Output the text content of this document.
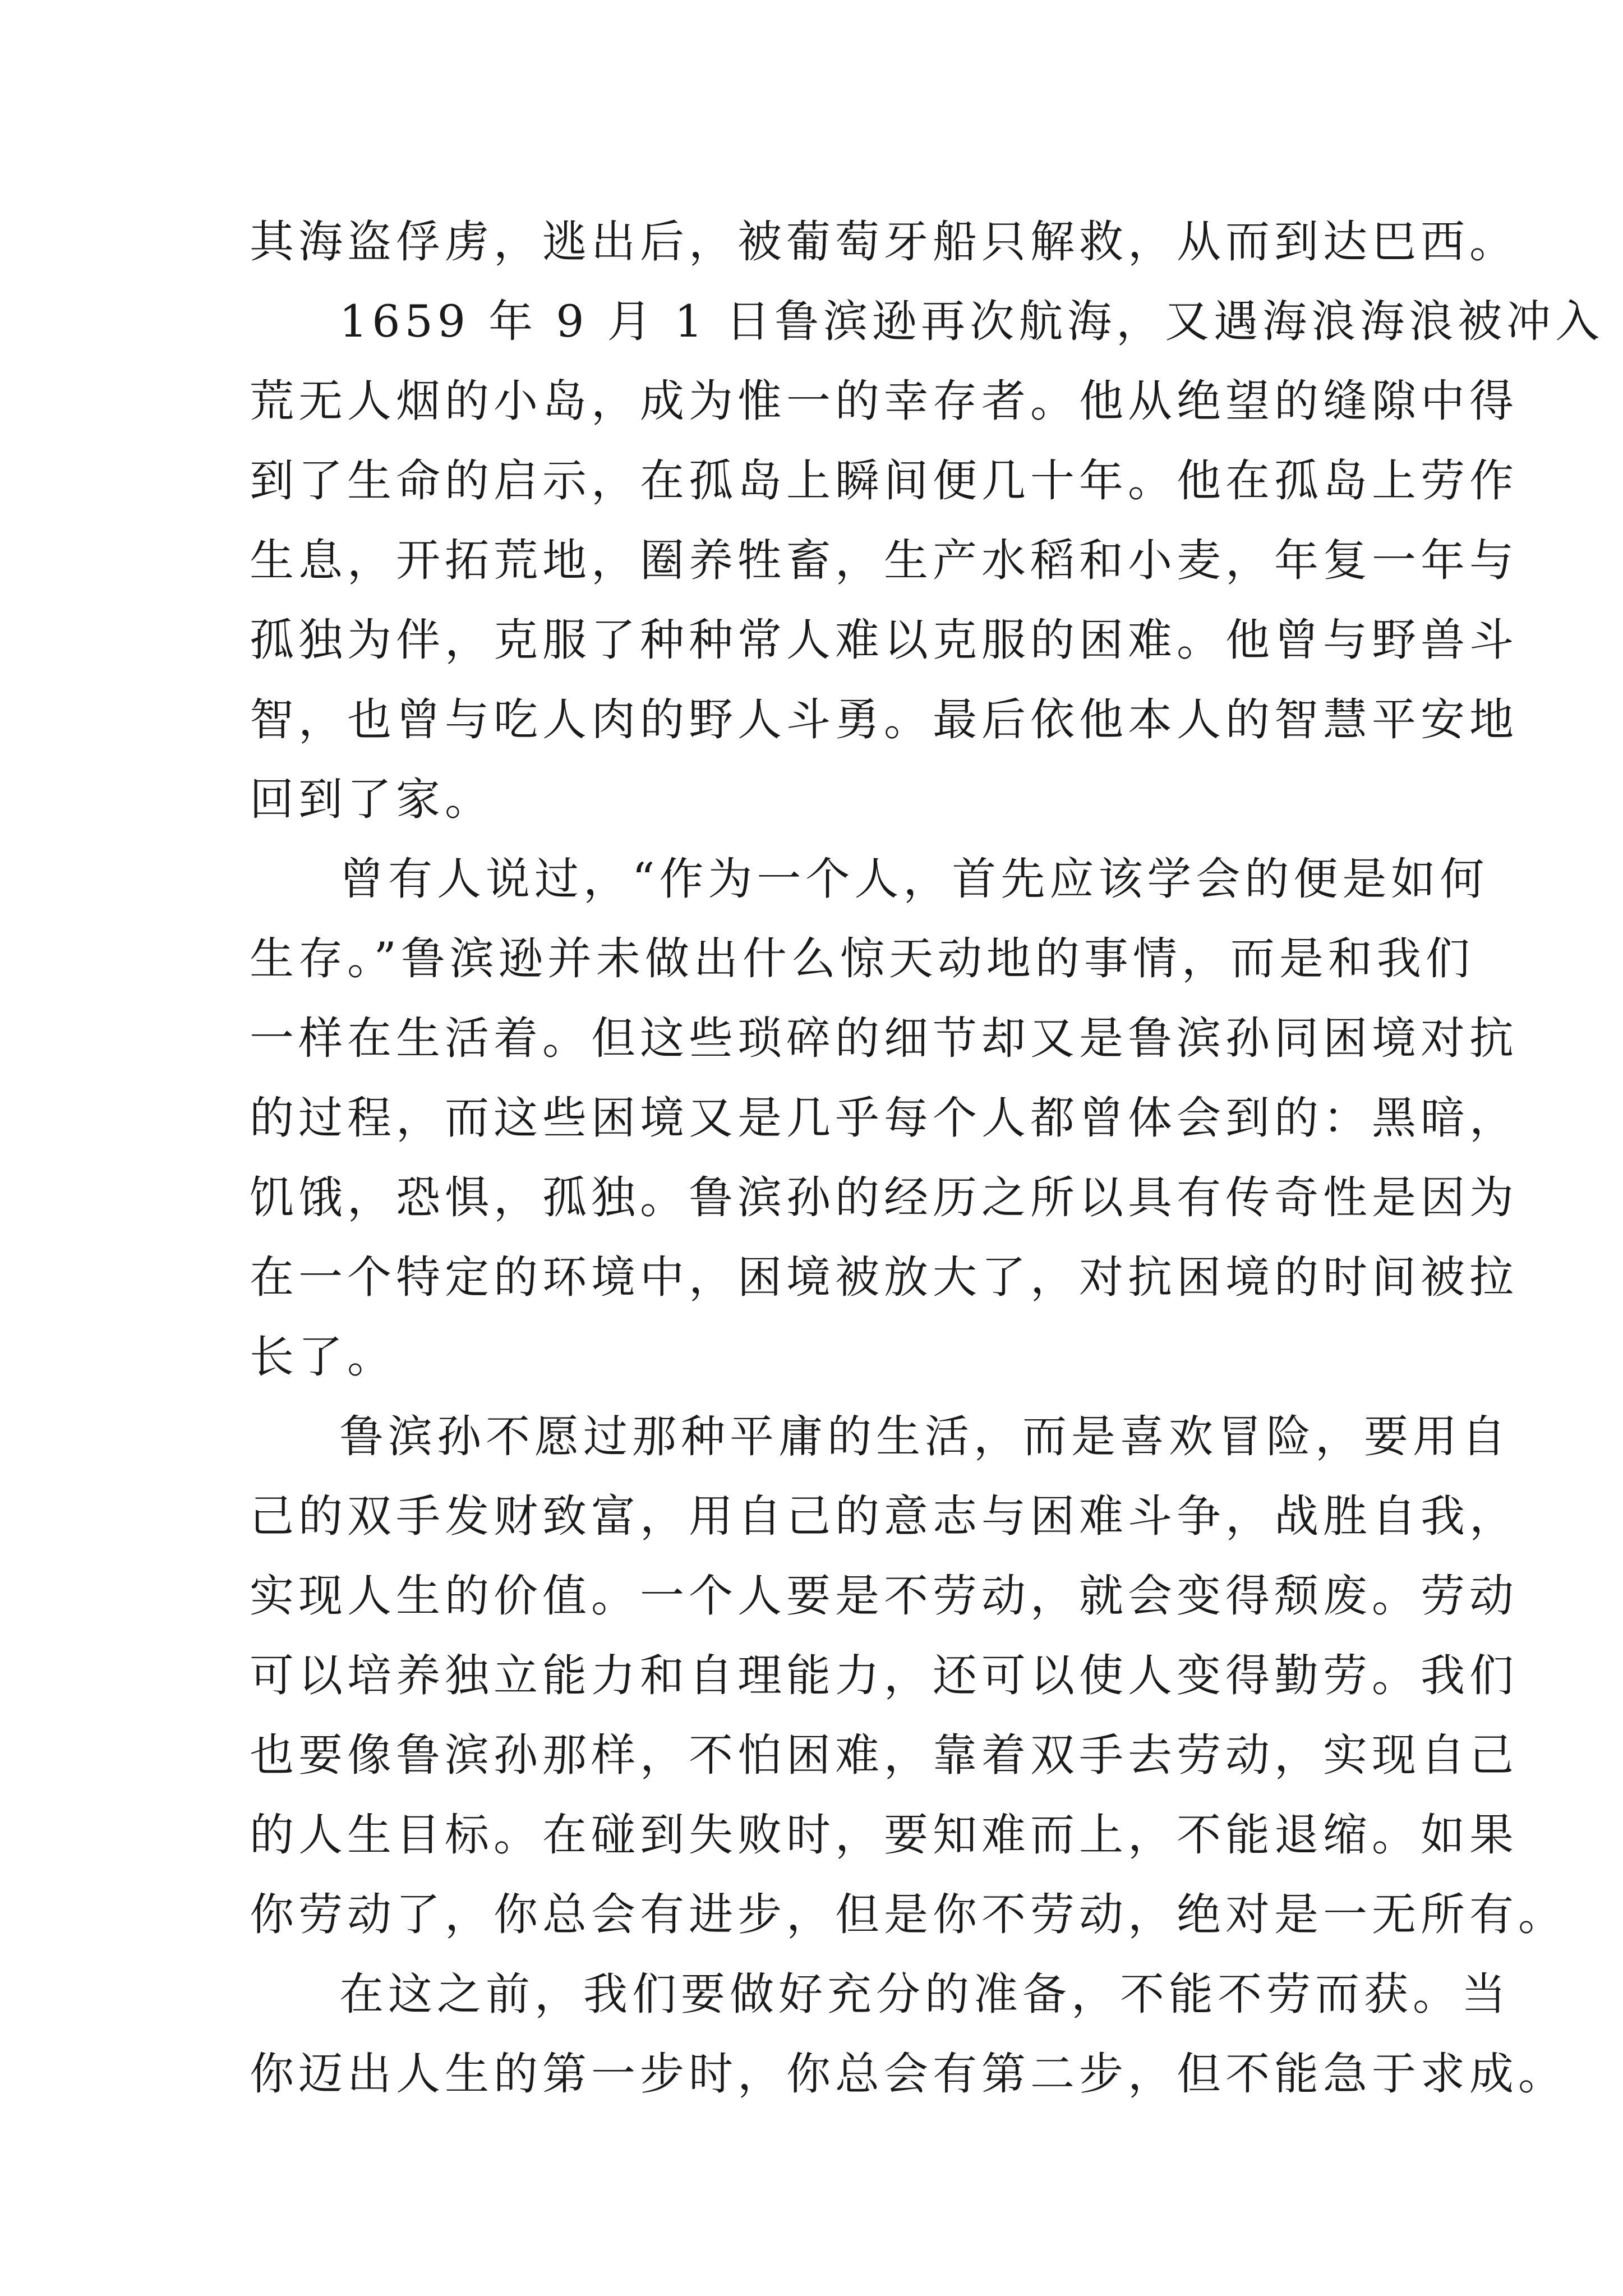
其海盗俘虏，逃出后，被葡萄牙船只解救，从而到达巴西。
1659 年 9 月 1 日鲁滨逊再次航海，又遇海浪海浪被冲入
荒无人烟的小岛，成为惟一的幸存者。他从绝望的缝隙中得
到了生命的启示，在孤岛上瞬间便几十年。他在孤岛上劳作
生息，开拓荒地，圈养牲畜，生产水稻和小麦，年复一年与
孤独为伴，克服了种种常人难以克服的困难。他曾与野兽斗
智，也曾与吃人肉的野人斗勇。最后依他本人的智慧平安地
回到了家。
曾有人说过，“作为一个人，首先应该学会的便是如何
生存。”鲁滨逊并未做出什么惊天动地的事情，而是和我们
一样在生活着。但这些琐碎的细节却又是鲁滨孙同困境对抗
的过程，而这些困境又是几乎每个人都曾体会到的：黑暗，
饥饿，恐惧，孤独。鲁滨孙的经历之所以具有传奇性是因为
在一个特定的环境中，困境被放大了，对抗困境的时间被拉
长了。
鲁滨孙不愿过那种平庸的生活，而是喜欢冒险，要用自
己的双手发财致富，用自己的意志与困难斗争，战胜自我，
实现人生的价值。一个人要是不劳动，就会变得颓废。劳动
可以培养独立能力和自理能力，还可以使人变得勤劳。我们
也要像鲁滨孙那样，不怕困难，靠着双手去劳动，实现自己
的人生目标。在碰到失败时，要知难而上，不能退缩。如果
你劳动了，你总会有进步，但是你不劳动，绝对是一无所有。
在这之前，我们要做好充分的准备，不能不劳而获。当
你迈出人生的第一步时，你总会有第二步，但不能急于求成。
